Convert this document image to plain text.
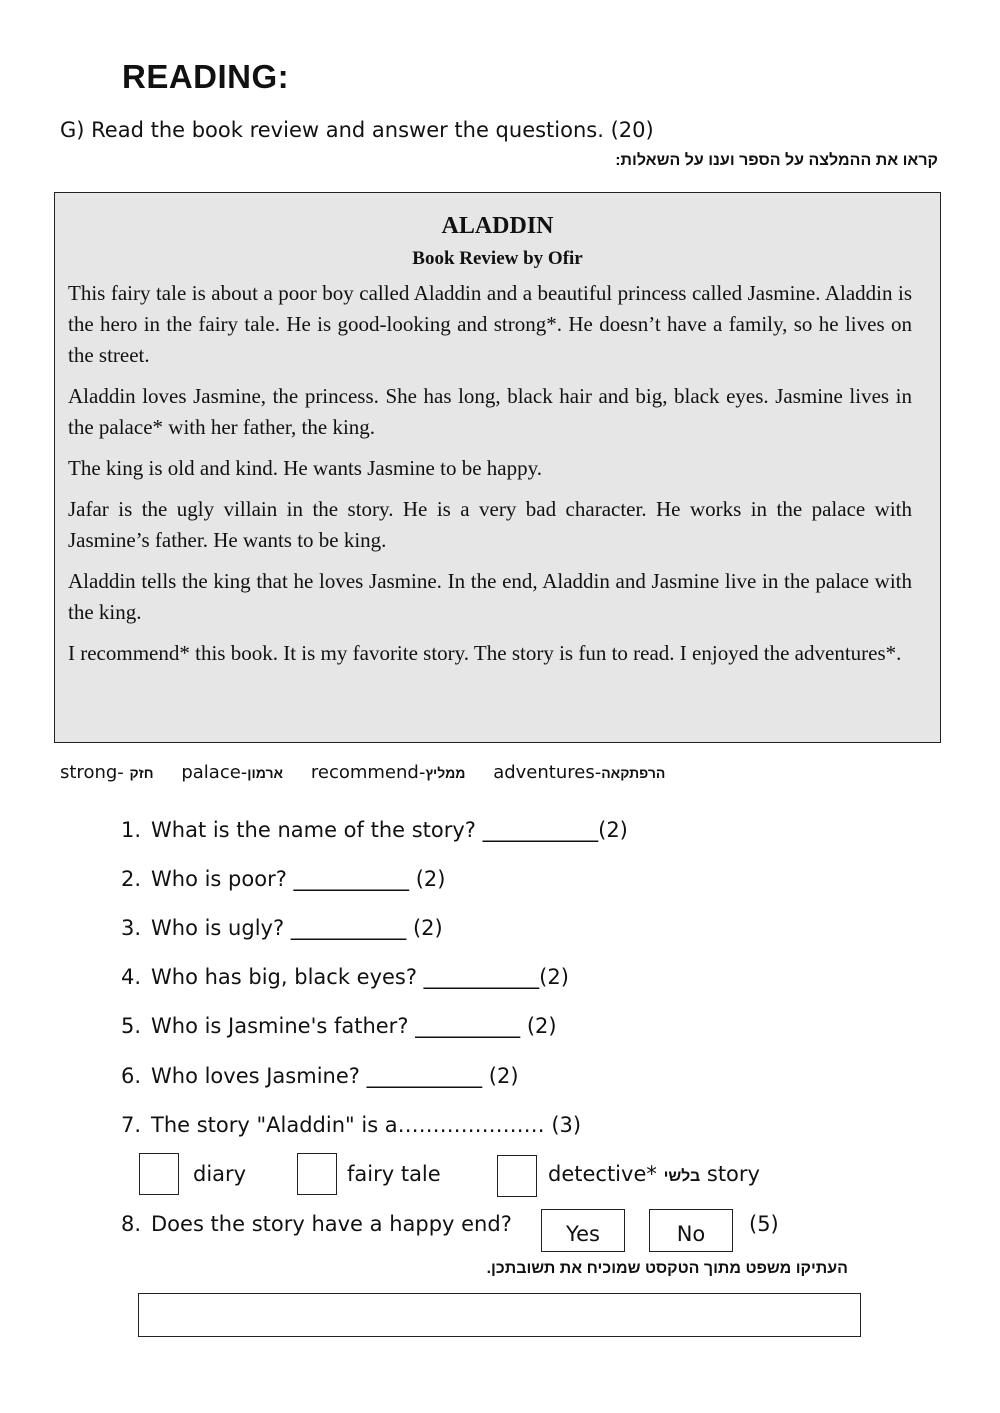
READING:
G) Read the book review and answer the questions. (20)
קראו את ההמלצה על הספר וענו על השאלות:
ALADDIN
Book Review by Ofir

This fairy tale is about a poor boy called Aladdin and a beautiful princess called Jasmine. Aladdin is the hero in the fairy tale. He is good-looking and strong*. He doesn’t have a family, so he lives on the street.

Aladdin loves Jasmine, the princess. She has long, black hair and big, black eyes. Jasmine lives in the palace* with her father, the king.

The king is old and kind. He wants Jasmine to be happy.

Jafar is the ugly villain in the story. He is a very bad character. He works in the palace with Jasmine’s father. He wants to be king.

Aladdin tells the king that he loves Jasmine. In the end, Aladdin and Jasmine live in the palace with the king.

I recommend* this book. It is my favorite story. The story is fun to read. I enjoyed the adventures*.

strong- חזק palace-ארמון recommend-ממליץ adventures-הרפתקאה
1. What is the name of the story? ___________(2)
2. Who is poor? ___________ (2)
3. Who is ugly? ___________ (2)
4. Who has big, black eyes? ___________(2)
5. Who is Jasmine's father? __________ (2)
6. Who loves Jasmine? ___________ (2)
7. The story "Aladdin" is a………………… (3)
diary	fairy tale	detective* בלשי story
8. Does the story have a happy end?	Yes	No	(5)
העתיקו משפט מתוך הטקסט שמוכיח את תשובתכן.
